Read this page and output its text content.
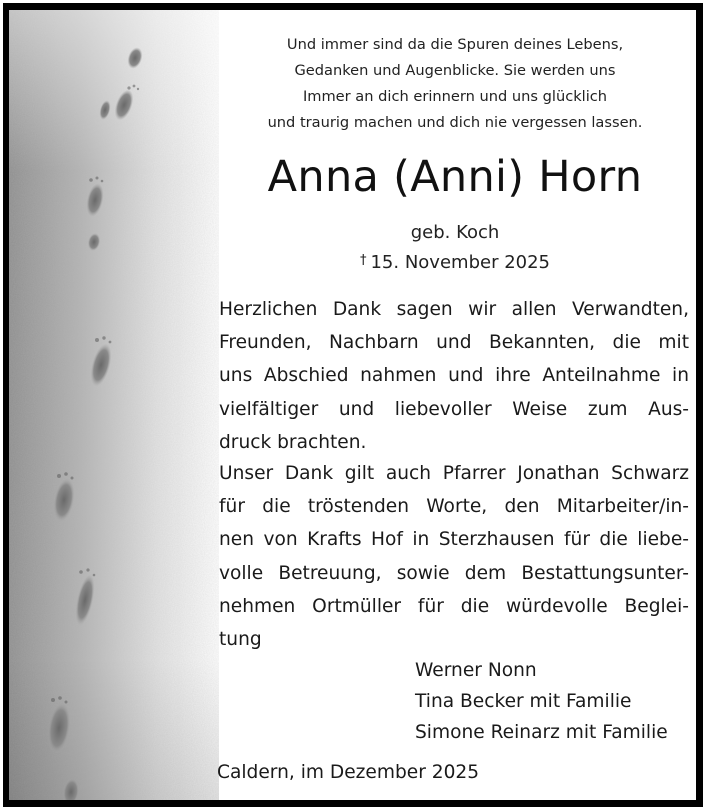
Und immer sind da die Spuren deines Lebens,
Gedanken und Augenblicke. Sie werden uns
Immer an dich erinnern und uns glücklich
und traurig machen und dich nie vergessen lassen.
Anna (Anni) Horn
geb. Koch
† 15. November 2025
Herzlichen Dank sagen wir allen Verwandten,
Freunden, Nachbarn und Bekannten, die mit
uns Abschied nahmen und ihre Anteilnahme in
vielfältiger und liebevoller Weise zum Aus-
druck brachten.
Unser Dank gilt auch Pfarrer Jonathan Schwarz
für die tröstenden Worte, den Mitarbeiter/in-
nen von Krafts Hof in Sterzhausen für die liebe-
volle Betreuung, sowie dem Bestattungsunter-
nehmen Ortmüller für die würdevolle Beglei-
tung
Werner Nonn
Tina Becker mit Familie
Simone Reinarz mit Familie
Caldern, im Dezember 2025
